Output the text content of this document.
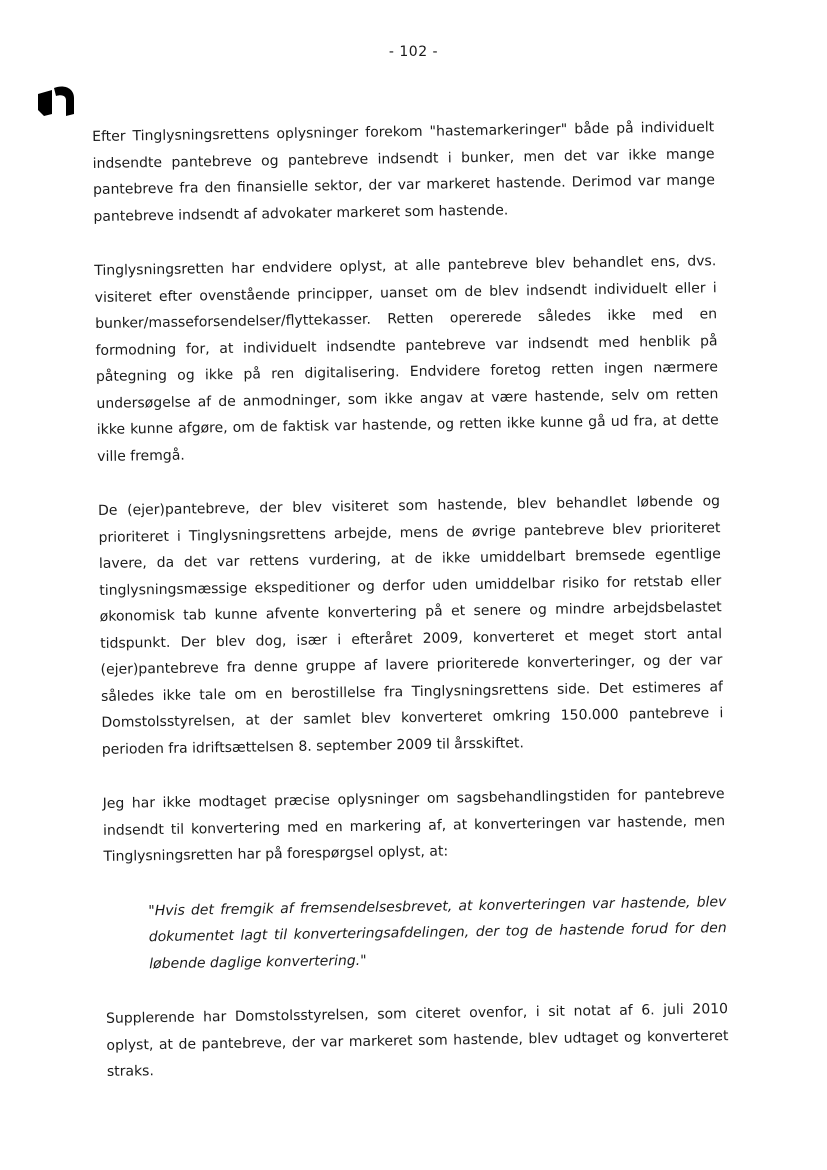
- 102 -

Efter Tinglysningsrettens oplysninger forekom "hastemarkeringer" både på individuelt indsendte pantebreve og pantebreve indsendt i bunker, men det var ikke mange pantebreve fra den finansielle sektor, der var markeret hastende. Derimod var mange pantebreve indsendt af advokater markeret som hastende.

Tinglysningsretten har endvidere oplyst, at alle pantebreve blev behandlet ens, dvs. visiteret efter ovenstående principper, uanset om de blev indsendt individuelt eller i bunker/masseforsendelser/flyttekasser. Retten opererede således ikke med en formodning for, at individuelt indsendte pantebreve var indsendt med henblik på påtegning og ikke på ren digitalisering. Endvidere foretog retten ingen nærmere undersøgelse af de anmodninger, som ikke angav at være hastende, selv om retten ikke kunne afgøre, om de faktisk var hastende, og retten ikke kunne gå ud fra, at dette ville fremgå.

De (ejer)pantebreve, der blev visiteret som hastende, blev behandlet løbende og prioriteret i Tinglysningsrettens arbejde, mens de øvrige pantebreve blev prioriteret lavere, da det var rettens vurdering, at de ikke umiddelbart bremsede egentlige tinglysningsmæssige ekspeditioner og derfor uden umiddelbar risiko for retstab eller økonomisk tab kunne afvente konvertering på et senere og mindre arbejdsbelastet tidspunkt. Der blev dog, især i efteråret 2009, konverteret et meget stort antal (ejer)pantebreve fra denne gruppe af lavere prioriterede konverteringer, og der var således ikke tale om en berostillelse fra Tinglysningsrettens side. Det estimeres af Domstolsstyrelsen, at der samlet blev konverteret omkring 150.000 pantebreve i perioden fra idriftsættelsen 8. september 2009 til årsskiftet.

Jeg har ikke modtaget præcise oplysninger om sagsbehandlingstiden for pantebreve indsendt til konvertering med en markering af, at konverteringen var hastende, men Tinglysningsretten har på forespørgsel oplyst, at:

"Hvis det fremgik af fremsendelsesbrevet, at konverteringen var hastende, blev dokumentet lagt til konverteringsafdelingen, der tog de hastende forud for den løbende daglige konvertering."

Supplerende har Domstolsstyrelsen, som citeret ovenfor, i sit notat af 6. juli 2010 oplyst, at de pantebreve, der var markeret som hastende, blev udtaget og konverteret straks.
